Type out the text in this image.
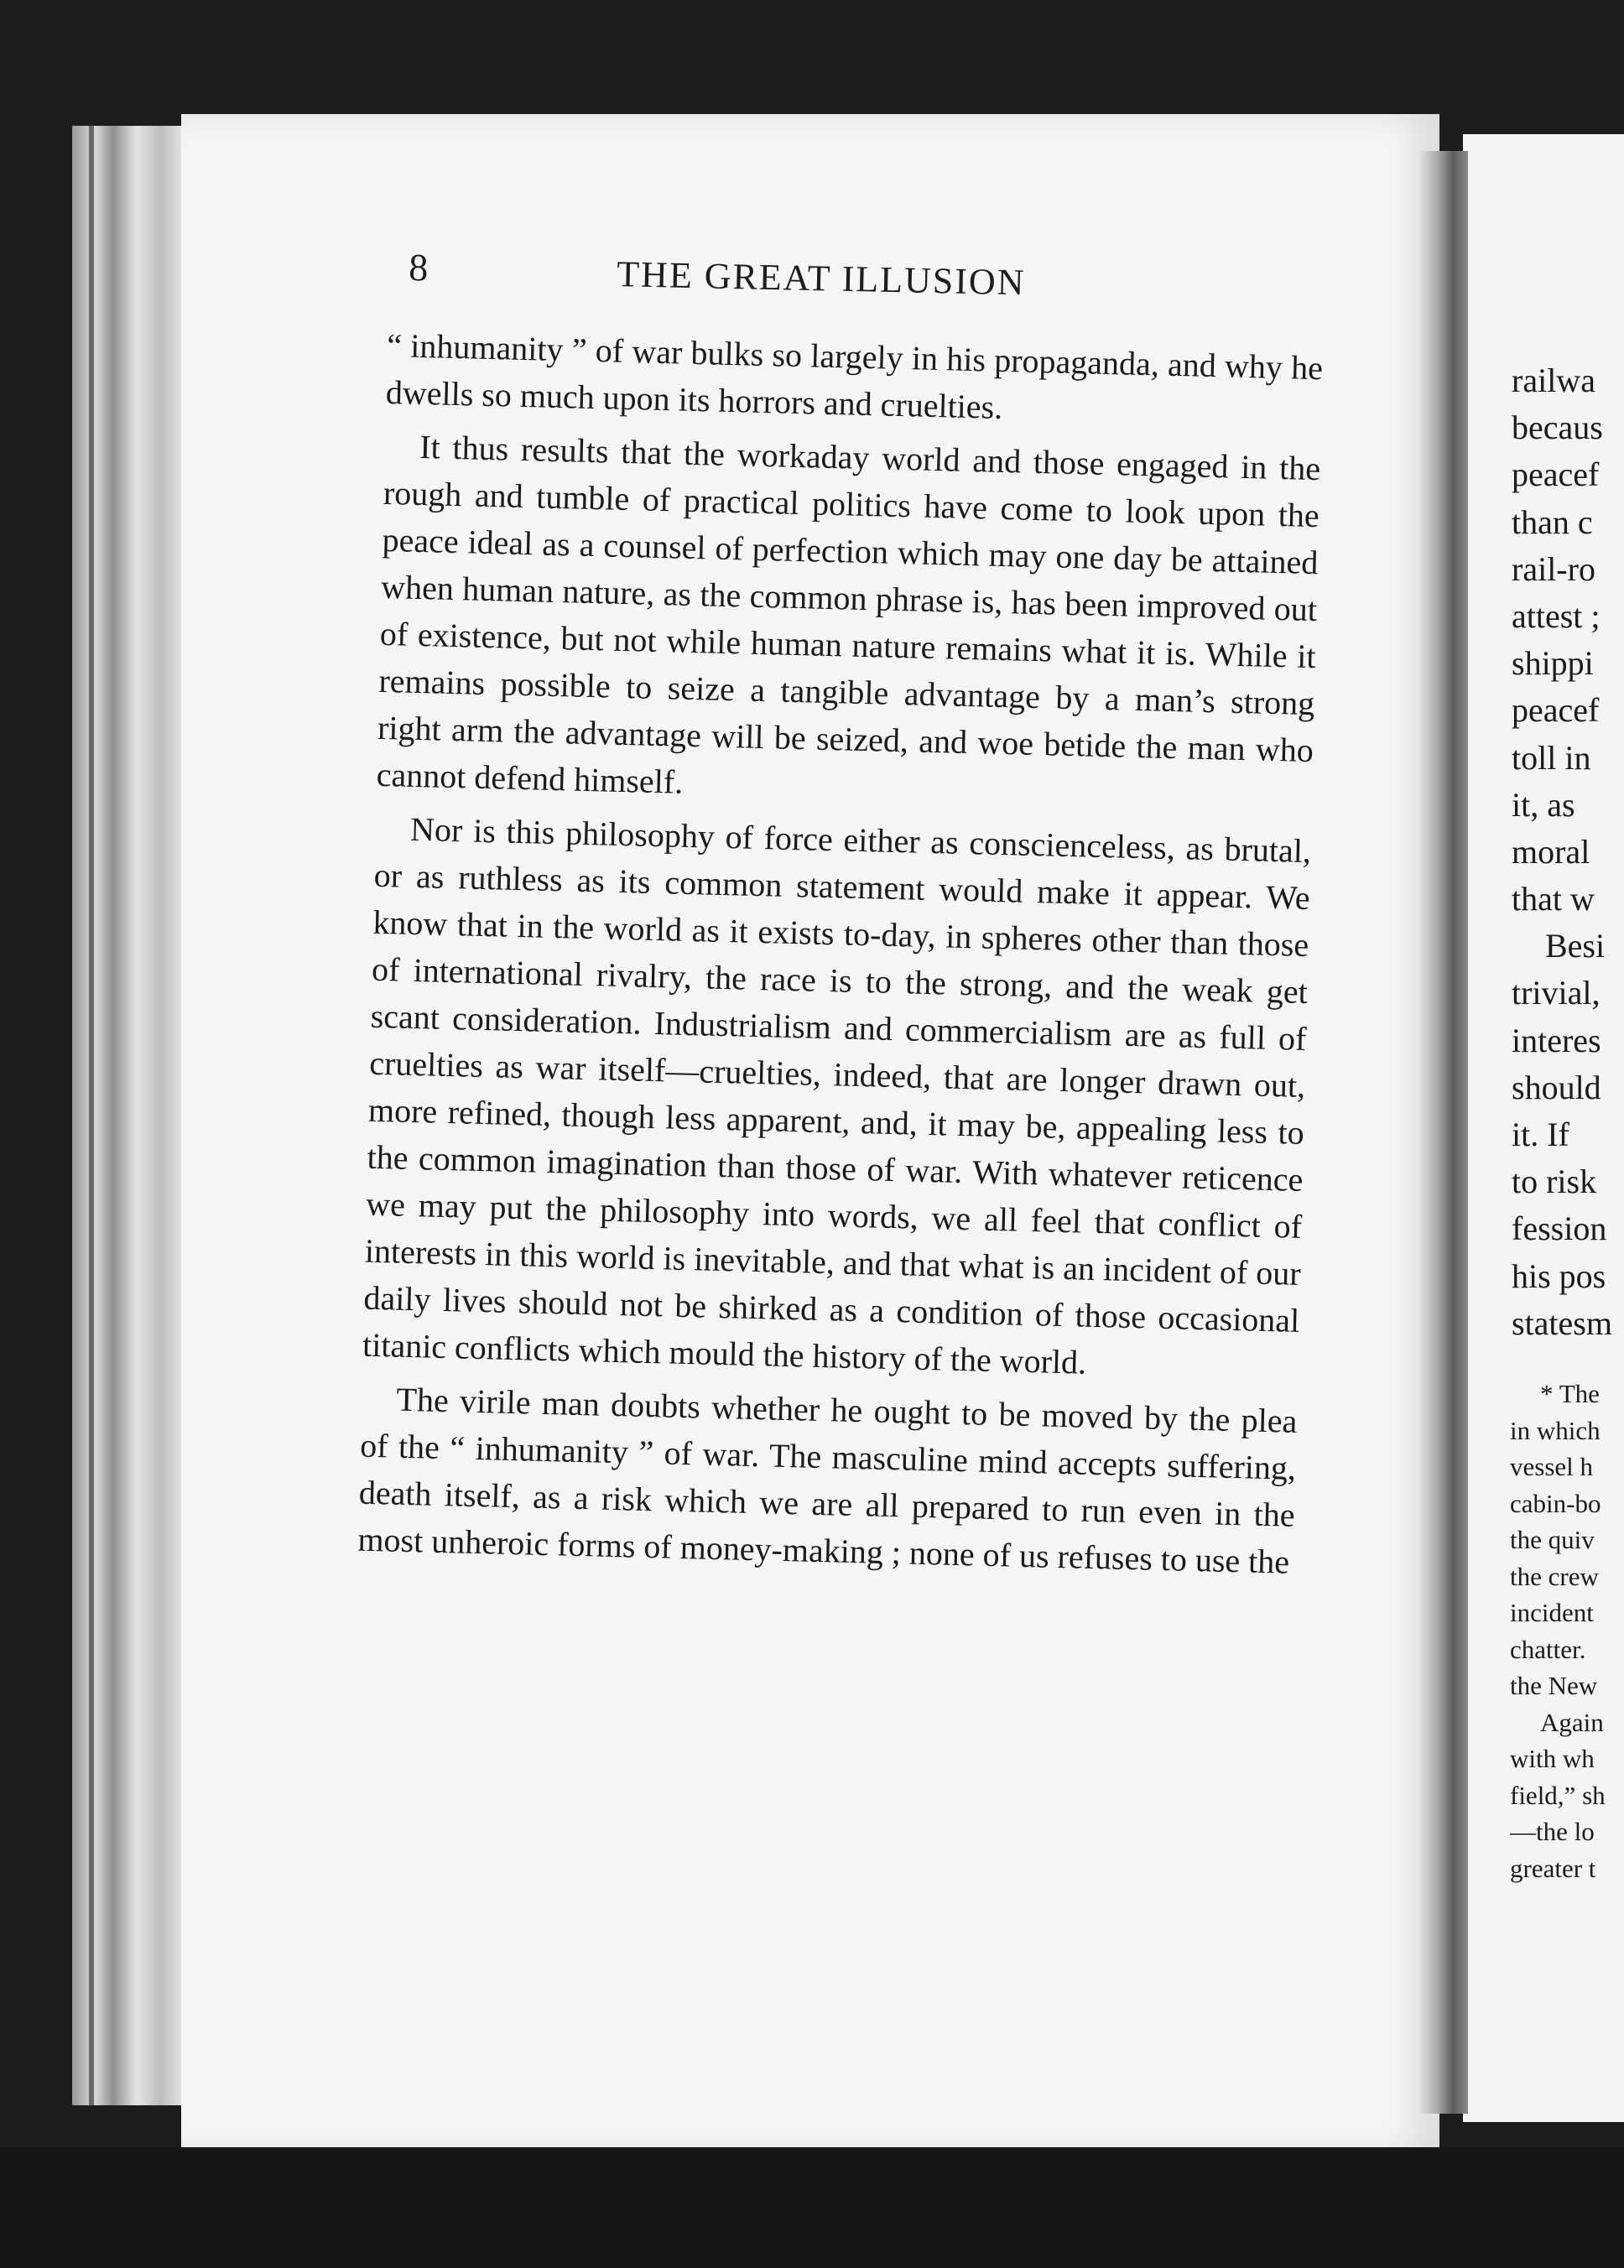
8	THE GREAT ILLUSION

“ inhumanity ” of war bulks so largely in his propaganda, and why he dwells so much upon its horrors and cruelties.

It thus results that the workaday world and those engaged in the rough and tumble of practical politics have come to look upon the peace ideal as a counsel of perfection which may one day be attained when human nature, as the common phrase is, has been improved out of existence, but not while human nature remains what it is. While it remains possible to seize a tangible advantage by a man’s strong right arm the advantage will be seized, and woe betide the man who cannot defend himself.

Nor is this philosophy of force either as conscienceless, as brutal, or as ruthless as its common statement would make it appear. We know that in the world as it exists to-day, in spheres other than those of international rivalry, the race is to the strong, and the weak get scant consideration. Industrialism and commercialism are as full of cruelties as war itself—cruelties, indeed, that are longer drawn out, more refined, though less apparent, and, it may be, appealing less to the common imagination than those of war. With whatever reticence we may put the philosophy into words, we all feel that conflict of interests in this world is inevitable, and that what is an incident of our daily lives should not be shirked as a condition of those occasional titanic conflicts which mould the history of the world.

The virile man doubts whether he ought to be moved by the plea of the “ inhumanity ” of war. The masculine mind accepts suffering, death itself, as a risk which we are all prepared to run even in the most unheroic forms of money-making ; none of us refuses to use the

railwa
becaus
peacef
than c
rail-ro
attest ;
shippi
peacef
toll in
it, as
moral
that w
Besi
trivial,
interes
should
it. If
to risk
fession
his pos
statesm
* The
in which
vessel h
cabin-bo
the quiv
the crew
incident
chatter.
the New
Again
with wh
field,” sh
—the lo
greater t
